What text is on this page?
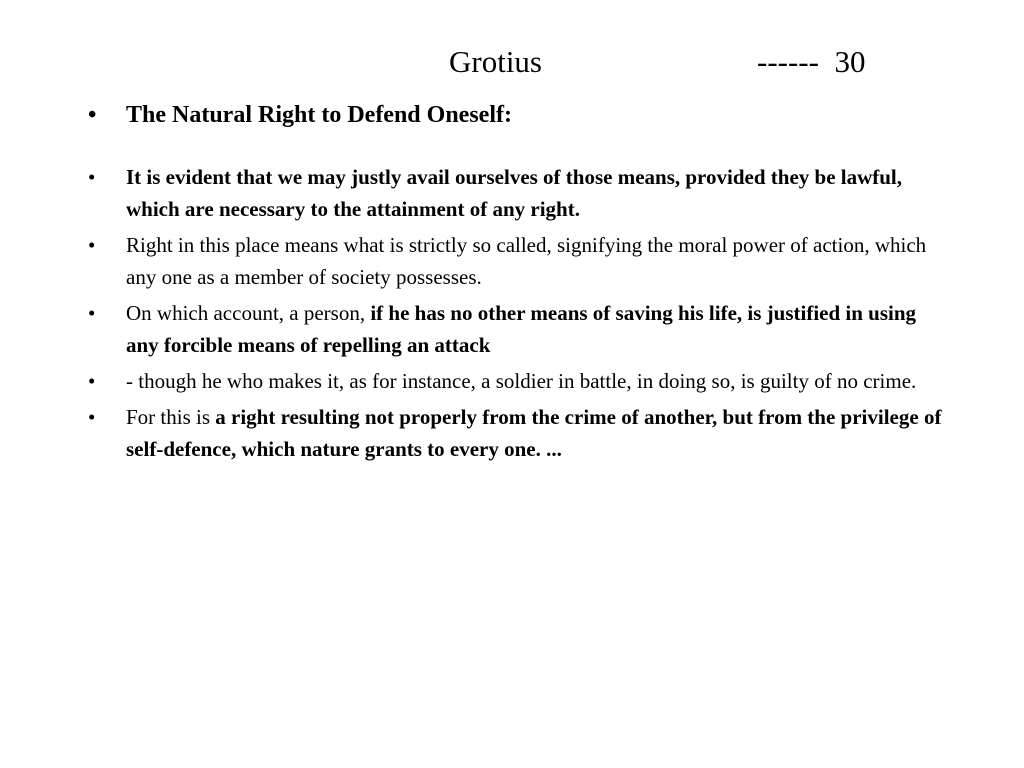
Grotius	------  30
• The Natural Right to Defend Oneself:
• It is evident that we may justly avail ourselves of those means, provided they be lawful, which are necessary to the attainment of any right.
• Right in this place means what is strictly so called, signifying the moral power of action, which any one as a member of society possesses.
• On which account, a person, if he has no other means of saving his life, is justified in using any forcible means of repelling an attack
• - though he who makes it, as for instance, a soldier in battle, in doing so, is guilty of no crime.
• For this is a right resulting not properly from the crime of another, but from the privilege of self-defence, which nature grants to every one. ...
